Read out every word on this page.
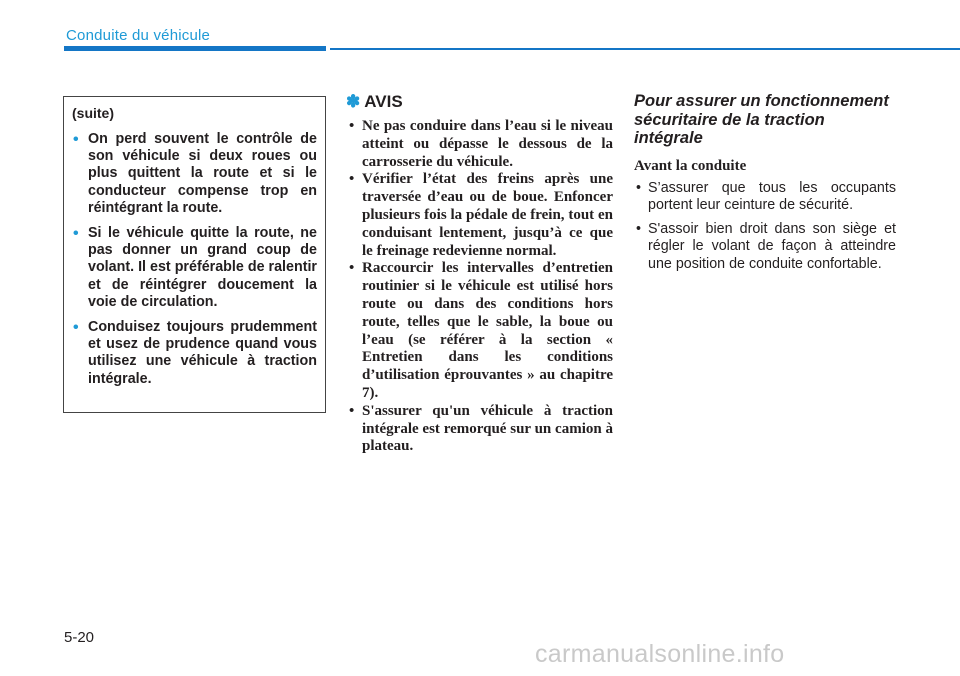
Conduite du véhicule

(suite)

• On perd souvent le contrôle de son véhicule si deux roues ou plus quittent la route et si le conducteur compense trop en réintégrant la route.
• Si le véhicule quitte la route, ne pas donner un grand coup de volant. Il est préférable de ralentir et de réintégrer doucement la voie de circulation.
• Conduisez toujours prudemment et usez de prudence quand vous utilisez une véhicule à traction intégrale.
✽ AVIS
• Ne pas conduire dans l’eau si le niveau atteint ou dépasse le dessous de la carrosserie du véhicule.
• Vérifier l’état des freins après une traversée d’eau ou de boue. Enfoncer plusieurs fois la pédale de frein, tout en conduisant lentement, jusqu’à ce que le freinage redevienne normal.
• Raccourcir les intervalles d’entretien routinier si le véhicule est utilisé hors route ou dans des conditions hors route, telles que le sable, la boue ou l’eau (se référer à la section « Entretien dans les conditions d’utilisation éprouvantes » au chapitre 7).
• S'assurer qu'un véhicule à traction intégrale est remorqué sur un camion à plateau.

Pour assurer un fonctionnement sécuritaire de la traction intégrale

Avant la conduite

• S’assurer que tous les occupants portent leur ceinture de sécurité.
• S'assoir bien droit dans son siège et régler le volant de façon à atteindre une position de conduite confortable.
5-20
carmanualsonline.info
